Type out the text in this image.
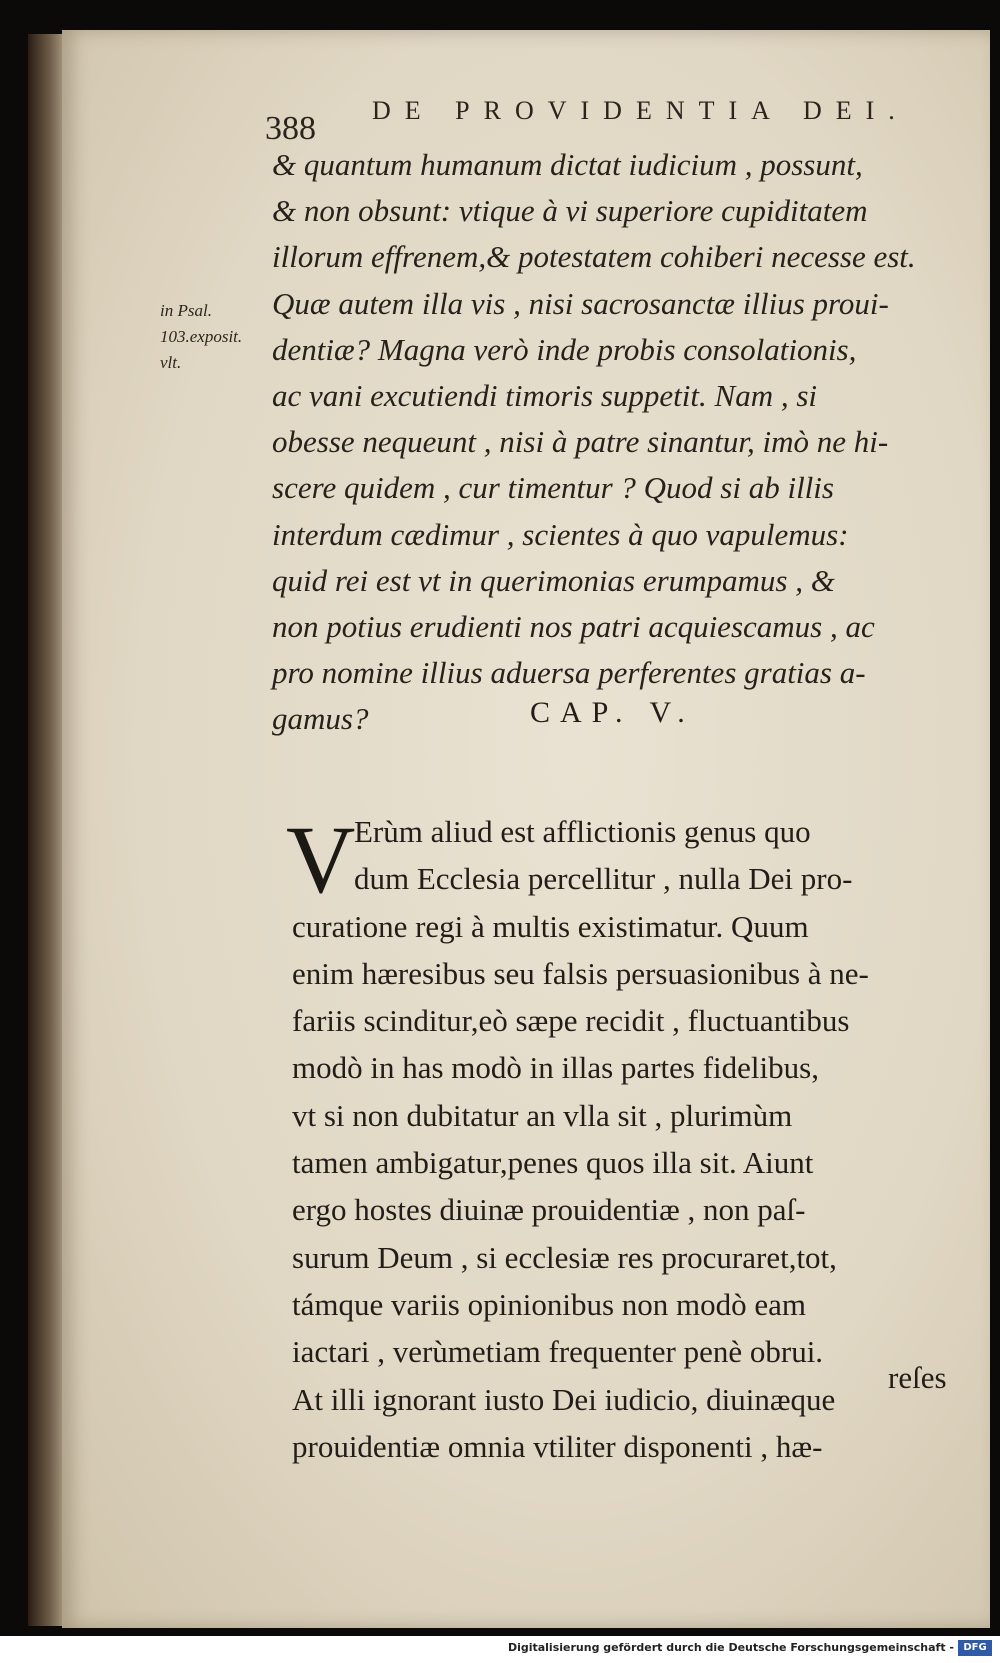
388 DE PROVIDENTIA DEI.
& quantum humanum dictat iudicium , possunt,
& non obsunt: vtique à vi superiore cupiditatem
illorum effrenem,& potestatem cohiberi necesse est.
Quæ autem illa vis , nisi sacrosanctæ illius proui-
dentiæ? Magna verò inde probis consolationis,
ac vani excutiendi timoris suppetit. Nam , si
obesse nequeunt , nisi à patre sinantur, imò ne hi-
scere quidem , cur timentur ? Quod si ab illis
interdum cædimur , scientes à quo vapulemus:
quid rei est vt in querimonias erumpamus , &
non potius erudienti nos patri acquiescamus , ac
pro nomine illius aduersa perferentes gratias a-
gamus?
in Psal.
103.exposit.
vlt.
CAP. V.
V
Erùm aliud est afflictionis genus quo
dum Ecclesia percellitur , nulla Dei pro-
curatione regi à multis existimatur. Quum
enim hæresibus seu falsis persuasionibus à ne-
fariis scinditur,eò sæpe recidit , fluctuantibus
modò in has modò in illas partes fidelibus,
vt si non dubitatur an vlla sit , plurimùm
tamen ambigatur,penes quos illa sit. Aiunt
ergo hostes diuinæ prouidentiæ , non paſ-
surum Deum , si ecclesiæ res procuraret,tot,
támque variis opinionibus non modò eam
iactari , verùmetiam frequenter penè obrui.
At illi ignorant iusto Dei iudicio, diuinæque
prouidentiæ omnia vtiliter disponenti , hæ-
reſes
Digitalisierung gefördert durch die Deutsche Forschungsgemeinschaft - DFG
